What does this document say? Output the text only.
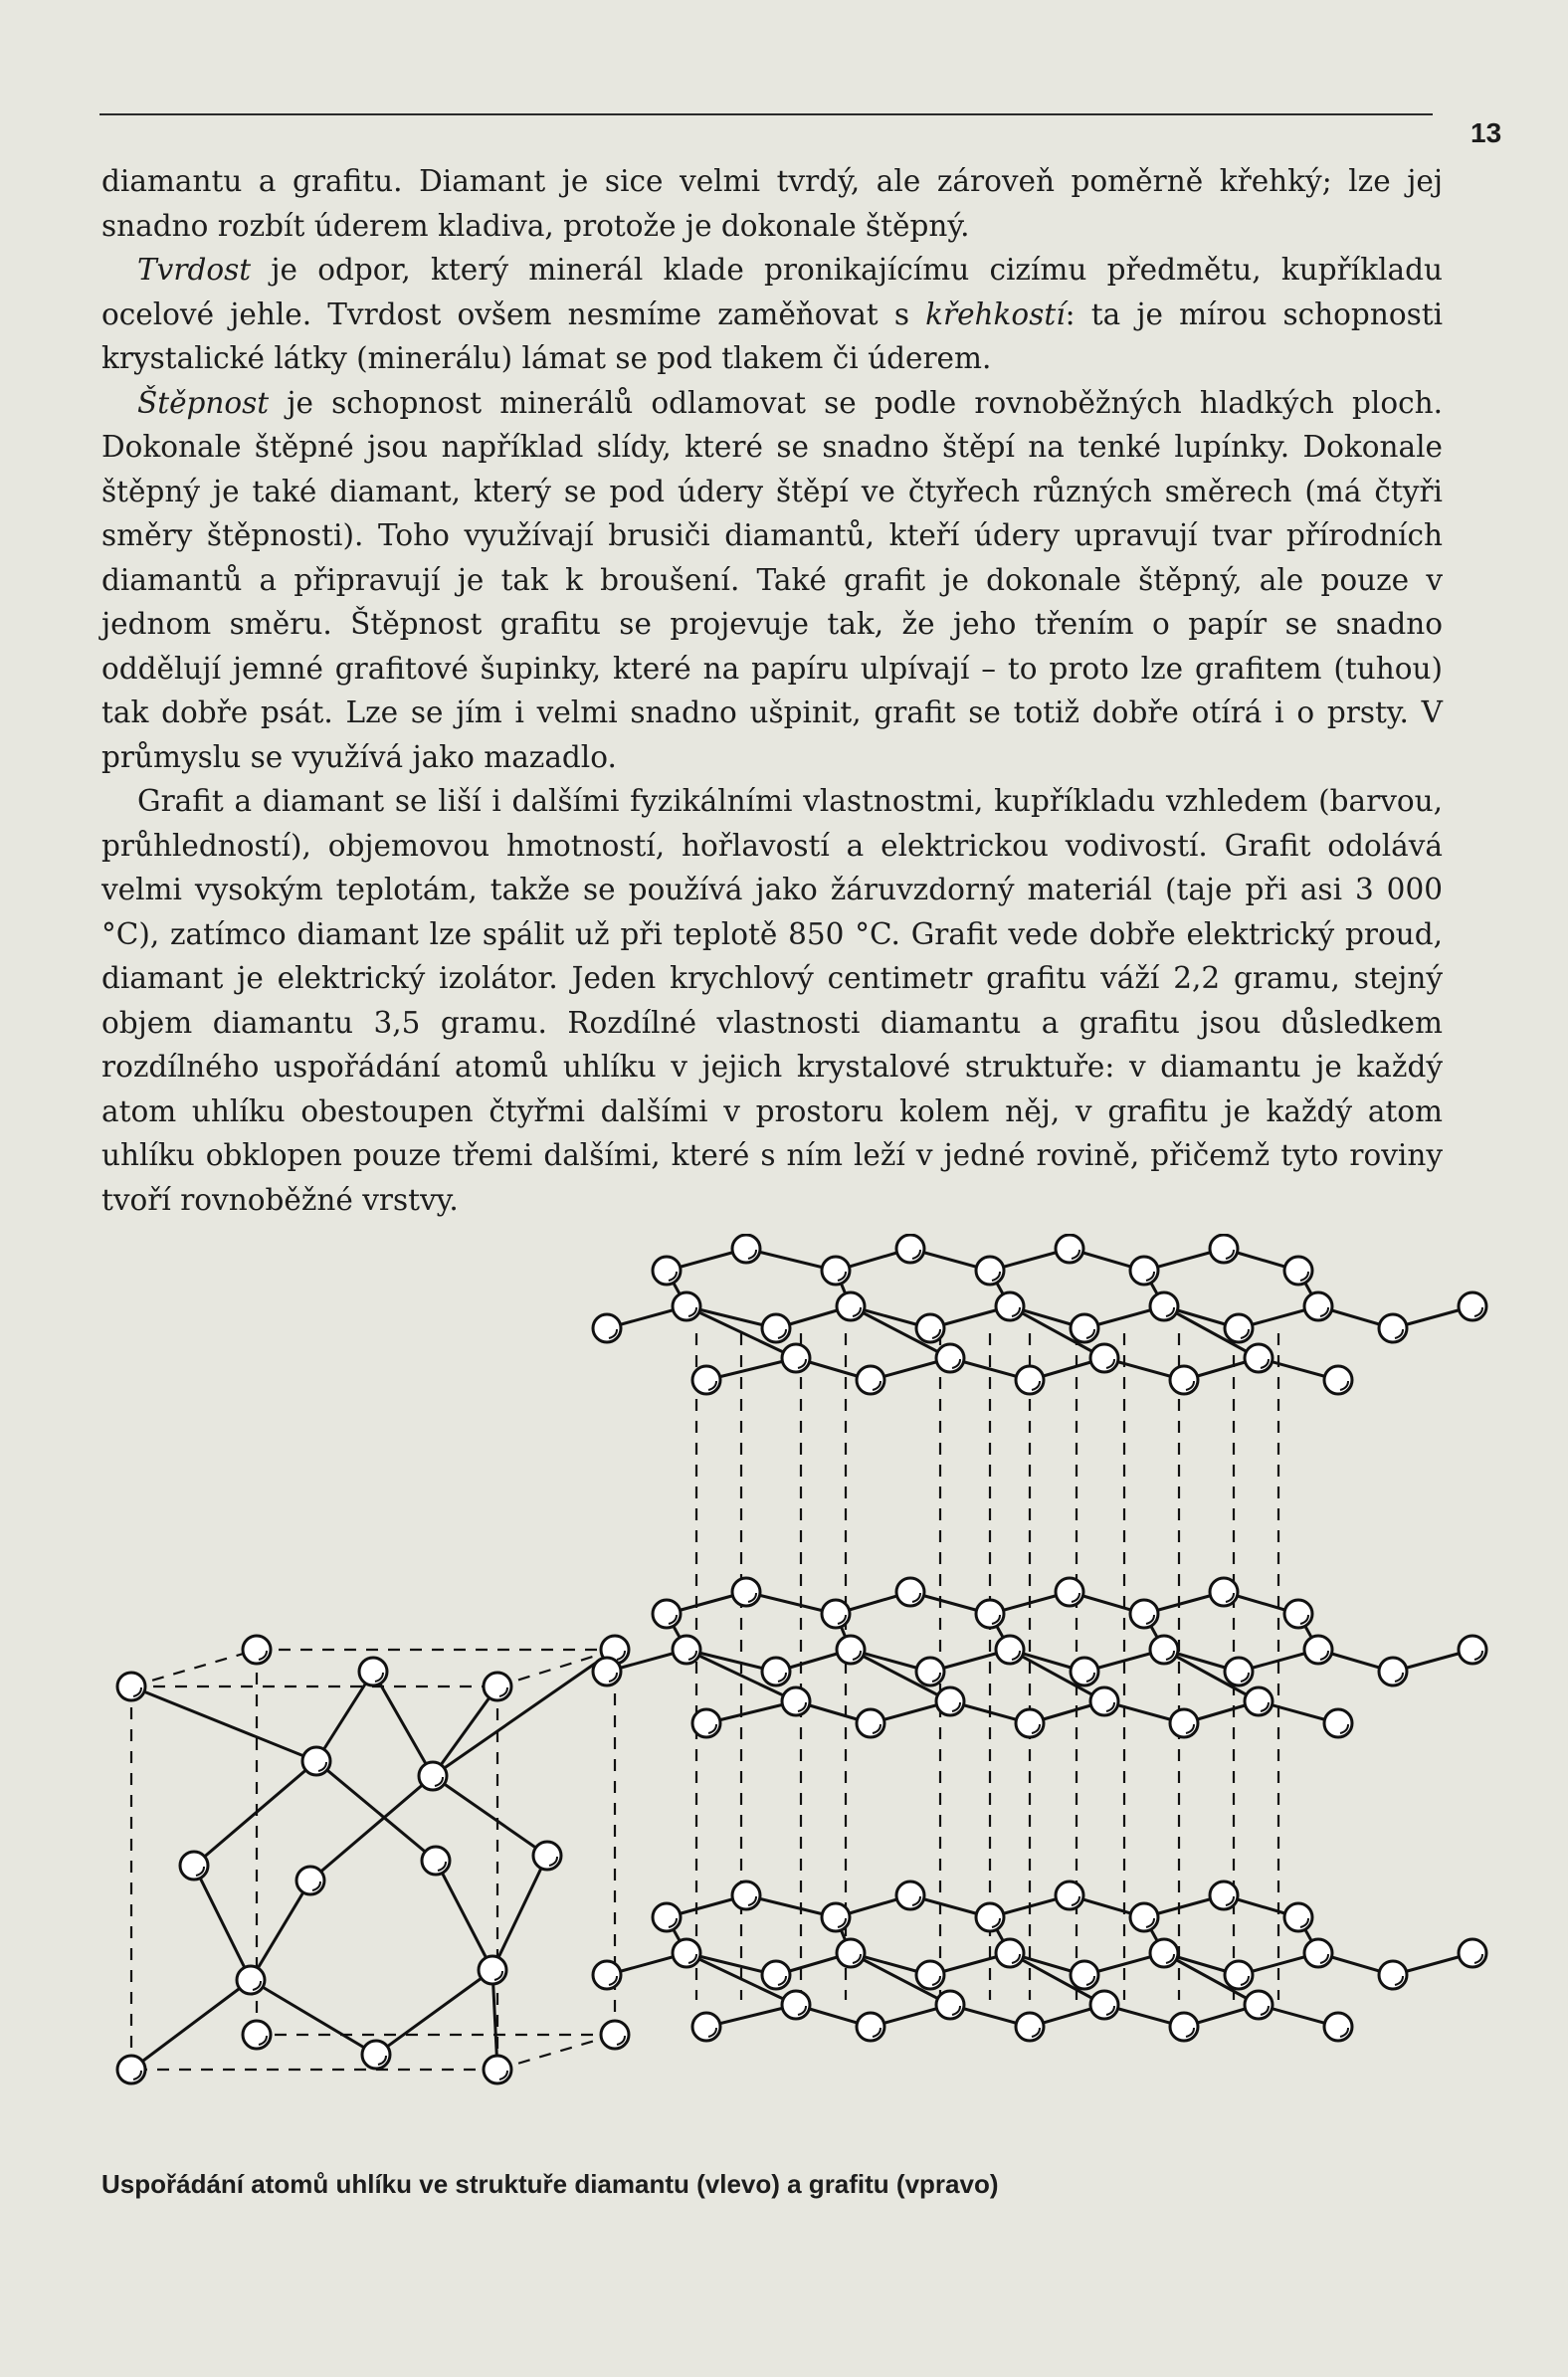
13

diamantu a grafitu. Diamant je sice velmi tvrdý, ale zároveň poměrně křehký; lze jej snadno rozbít úderem kladiva, protože je dokonale štěpný.

Tvrdost je odpor, který minerál klade pronikajícímu cizímu předmětu, kupříkladu ocelové jehle. Tvrdost ovšem nesmíme zaměňovat s křehkostí: ta je mírou schopnosti krystalické látky (minerálu) lámat se pod tlakem či úderem.

Štěpnost je schopnost minerálů odlamovat se podle rovnoběžných hladkých ploch. Dokonale štěpné jsou například slídy, které se snadno štěpí na tenké lupínky. Dokonale štěpný je také diamant, který se pod údery štěpí ve čtyřech různých směrech (má čtyři směry štěpnosti). Toho využívají brusiči diamantů, kteří údery upravují tvar přírodních diamantů a připravují je tak k broušení. Také grafit je dokonale štěpný, ale pouze v jednom směru. Štěpnost grafitu se projevuje tak, že jeho třením o papír se snadno oddělují jemné grafitové šupinky, které na papíru ulpívají – to proto lze grafitem (tuhou) tak dobře psát. Lze se jím i velmi snadno ušpinit, grafit se totiž dobře otírá i o prsty. V průmyslu se využívá jako mazadlo.

Grafit a diamant se liší i dalšími fyzikálními vlastnostmi, kupříkladu vzhledem (barvou, průhledností), objemovou hmotností, hořlavostí a elektrickou vodivostí. Grafit odolává velmi vysokým teplotám, takže se používá jako žáruvzdorný materiál (taje při asi 3 000 °C), zatímco diamant lze spálit už při teplotě 850 °C. Grafit vede dobře elektrický proud, diamant je elektrický izolátor. Jeden krychlový centimetr grafitu váží 2,2 gramu, stejný objem diamantu 3,5 gramu. Rozdílné vlastnosti diamantu a grafitu jsou důsledkem rozdílného uspořádání atomů uhlíku v jejich krystalové struktuře: v diamantu je každý atom uhlíku obestoupen čtyřmi dalšími v prostoru kolem něj, v grafitu je každý atom uhlíku obklopen pouze třemi dalšími, které s ním leží v jedné rovině, přičemž tyto roviny tvoří rovnoběžné vrstvy.

Uspořádání atomů uhlíku ve struktuře diamantu (vlevo) a grafitu (vpravo)
